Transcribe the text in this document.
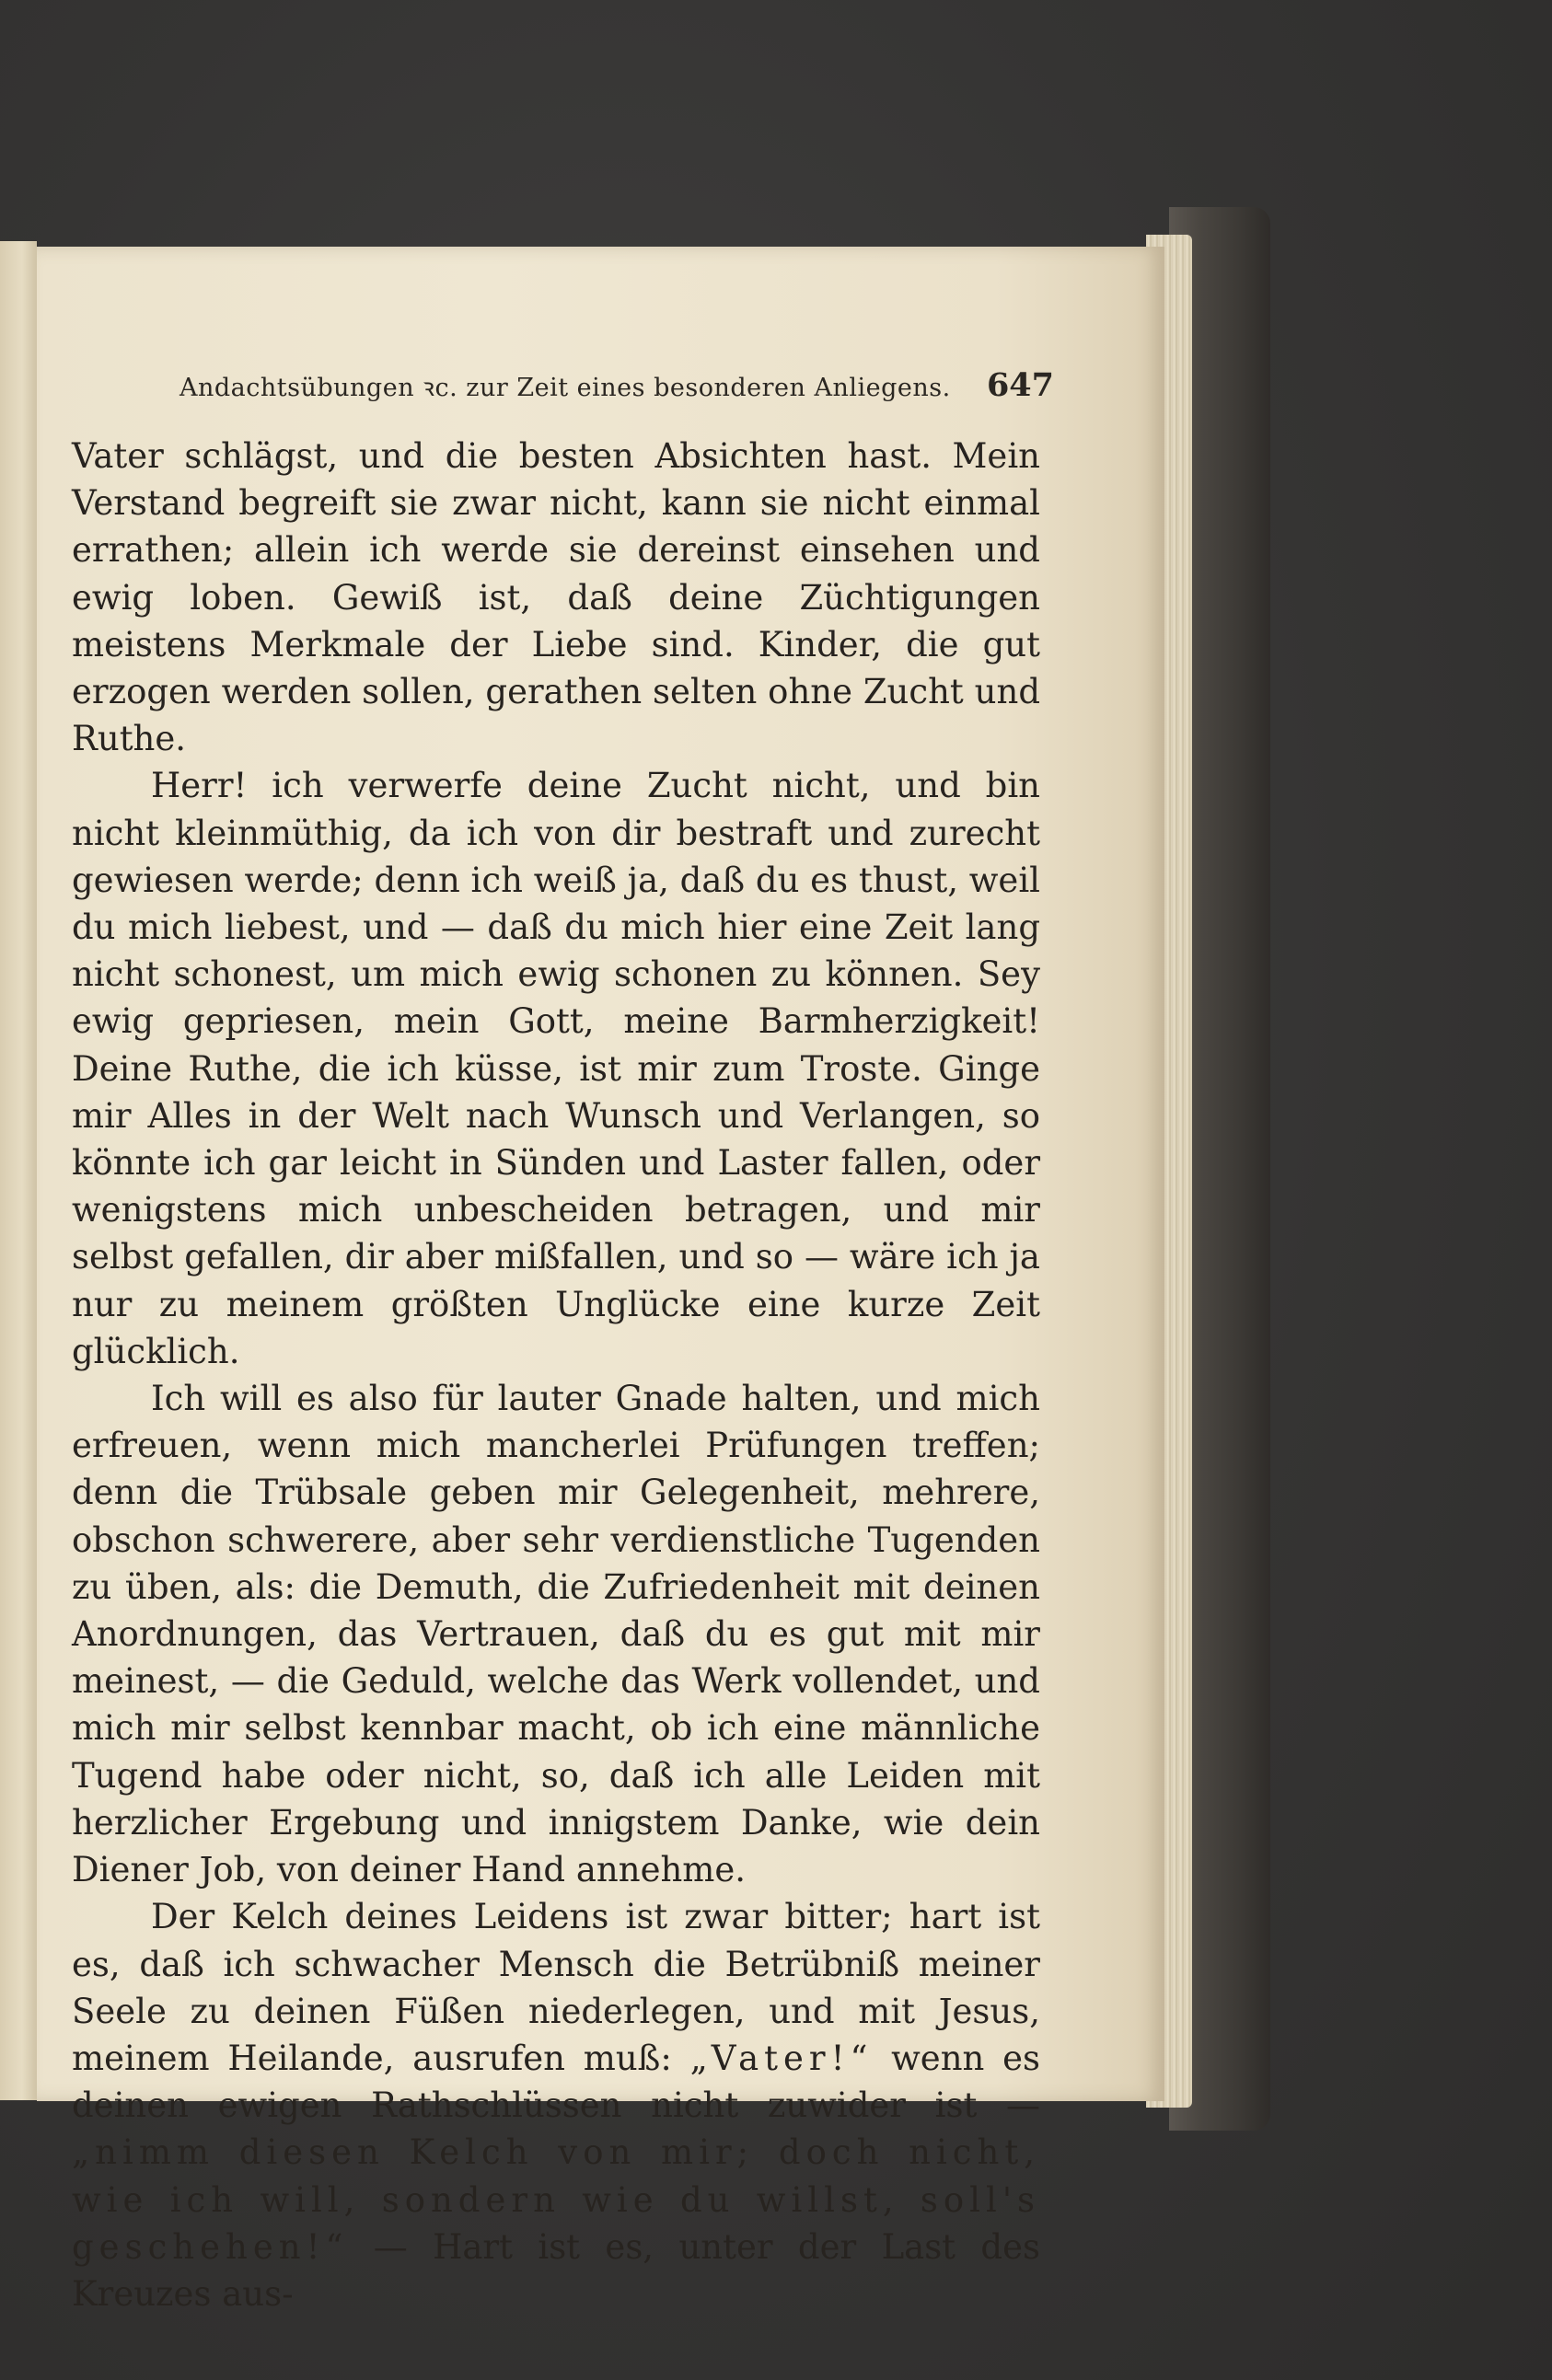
Andachtsübungen ꝛc. zur Zeit eines besonderen Anliegens. 647

Vater schlägst, und die besten Absichten hast. Mein Verstand begreift sie zwar nicht, kann sie nicht einmal errathen; allein ich werde sie dereinst einsehen und ewig loben. Gewiß ist, daß deine Züchtigungen meistens Merkmale der Liebe sind. Kinder, die gut erzogen werden sollen, gerathen selten ohne Zucht und Ruthe.

Herr! ich verwerfe deine Zucht nicht, und bin nicht kleinmüthig, da ich von dir bestraft und zurecht gewiesen werde; denn ich weiß ja, daß du es thust, weil du mich liebest, und — daß du mich hier eine Zeit lang nicht schonest, um mich ewig schonen zu können. Sey ewig gepriesen, mein Gott, meine Barmherzigkeit! Deine Ruthe, die ich küsse, ist mir zum Troste. Ginge mir Alles in der Welt nach Wunsch und Verlangen, so könnte ich gar leicht in Sünden und Laster fallen, oder wenigstens mich unbescheiden betragen, und mir selbst gefallen, dir aber mißfallen, und so — wäre ich ja nur zu meinem größten Unglücke eine kurze Zeit glücklich.

Ich will es also für lauter Gnade halten, und mich erfreuen, wenn mich mancherlei Prüfungen treffen; denn die Trübsale geben mir Gelegenheit, mehrere, obschon schwerere, aber sehr verdienstliche Tugenden zu üben, als: die Demuth, die Zufriedenheit mit deinen Anordnungen, das Vertrauen, daß du es gut mit mir meinest, — die Geduld, welche das Werk vollendet, und mich mir selbst kennbar macht, ob ich eine männliche Tugend habe oder nicht, so, daß ich alle Leiden mit herzlicher Ergebung und innigstem Danke, wie dein Diener Job, von deiner Hand annehme.

Der Kelch deines Leidens ist zwar bitter; hart ist es, daß ich schwacher Mensch die Betrübniß meiner Seele zu deinen Füßen niederlegen, und mit Jesus, meinem Heilande, ausrufen muß: „Vater!“ wenn es deinen ewigen Rathschlüssen nicht zuwider ist — „nimm diesen Kelch von mir; doch nicht, wie ich will, sondern wie du willst, soll's geschehen!“ — Hart ist es, unter der Last des Kreuzes aus-
